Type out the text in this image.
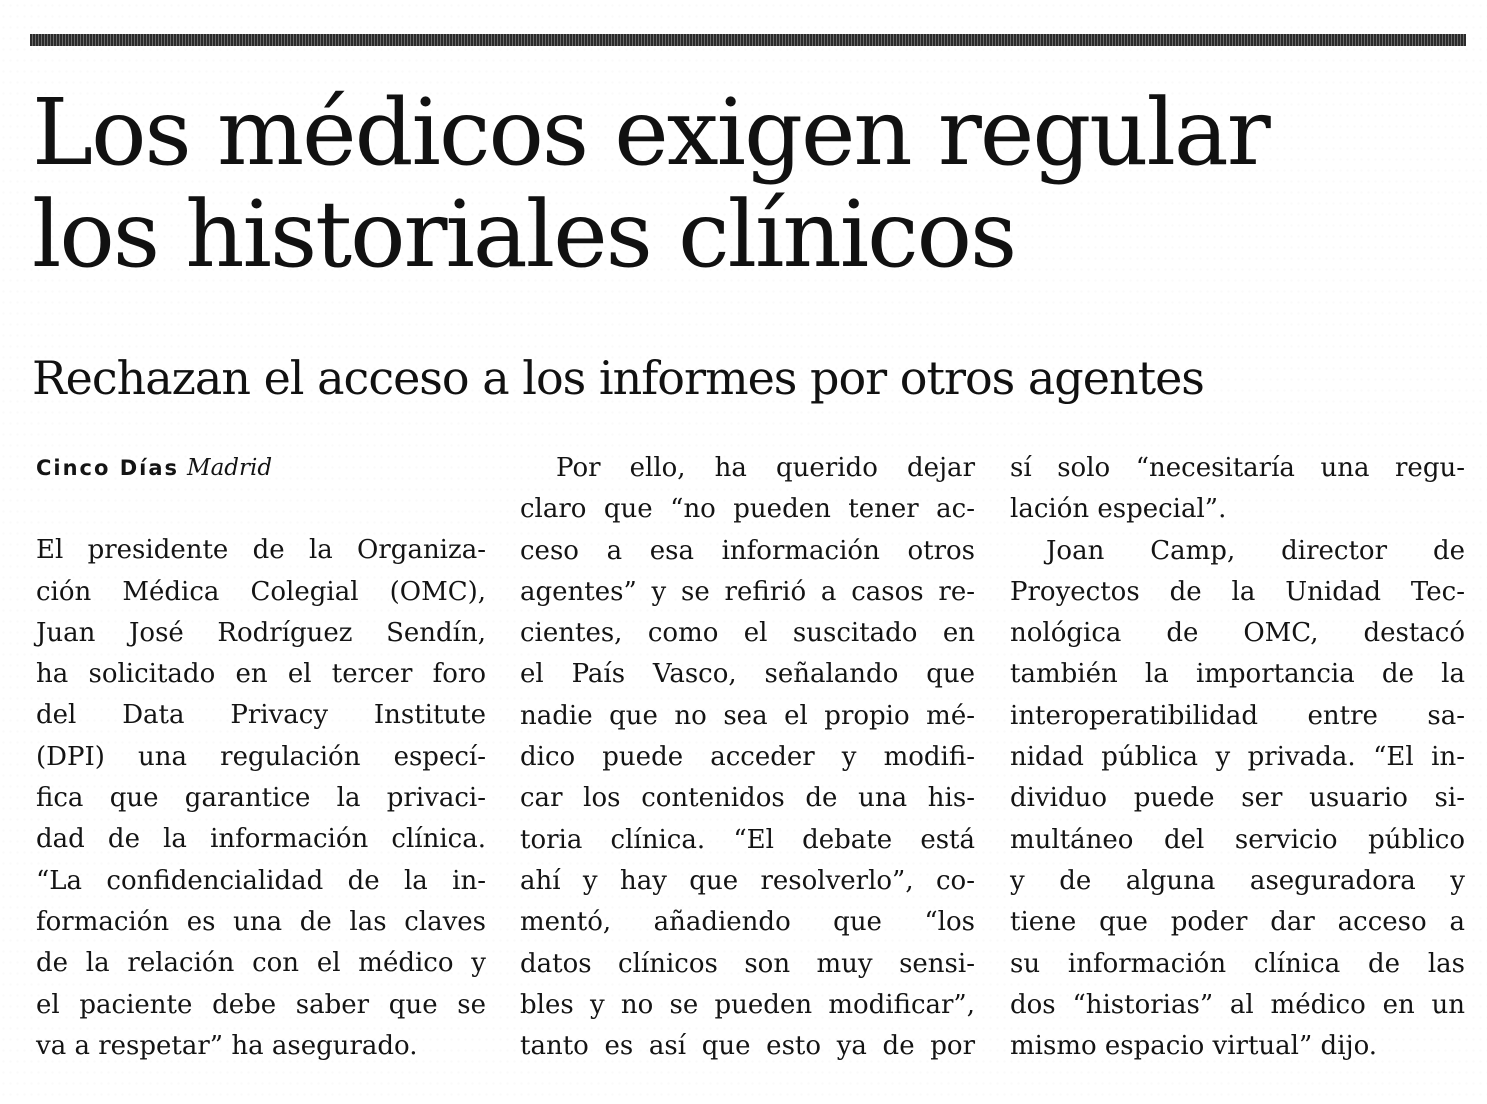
Los médicos exigen regular
los historiales clínicos
Rechazan el acceso a los informes por otros agentes
Cinco Días Madrid
El presidente de la Organiza-
ción Médica Colegial (OMC),
Juan José Rodríguez Sendín,
ha solicitado en el tercer foro
del Data Privacy Institute
(DPI) una regulación especí-
fica que garantice la privaci-
dad de la información clínica.
“La confidencialidad de la in-
formación es una de las claves
de la relación con el médico y
el paciente debe saber que se
va a respetar” ha asegurado.
Por ello, ha querido dejar
claro que “no pueden tener ac-
ceso a esa información otros
agentes” y se refirió a casos re-
cientes, como el suscitado en
el País Vasco, señalando que
nadie que no sea el propio mé-
dico puede acceder y modifi-
car los contenidos de una his-
toria clínica. “El debate está
ahí y hay que resolverlo”, co-
mentó, añadiendo que “los
datos clínicos son muy sensi-
bles y no se pueden modificar”,
tanto es así que esto ya de por
sí solo “necesitaría una regu-
lación especial”.
Joan Camp, director de
Proyectos de la Unidad Tec-
nológica de OMC, destacó
también la importancia de la
interoperatibilidad entre sa-
nidad pública y privada. “El in-
dividuo puede ser usuario si-
multáneo del servicio público
y de alguna aseguradora y
tiene que poder dar acceso a
su información clínica de las
dos “historias” al médico en un
mismo espacio virtual” dijo.
